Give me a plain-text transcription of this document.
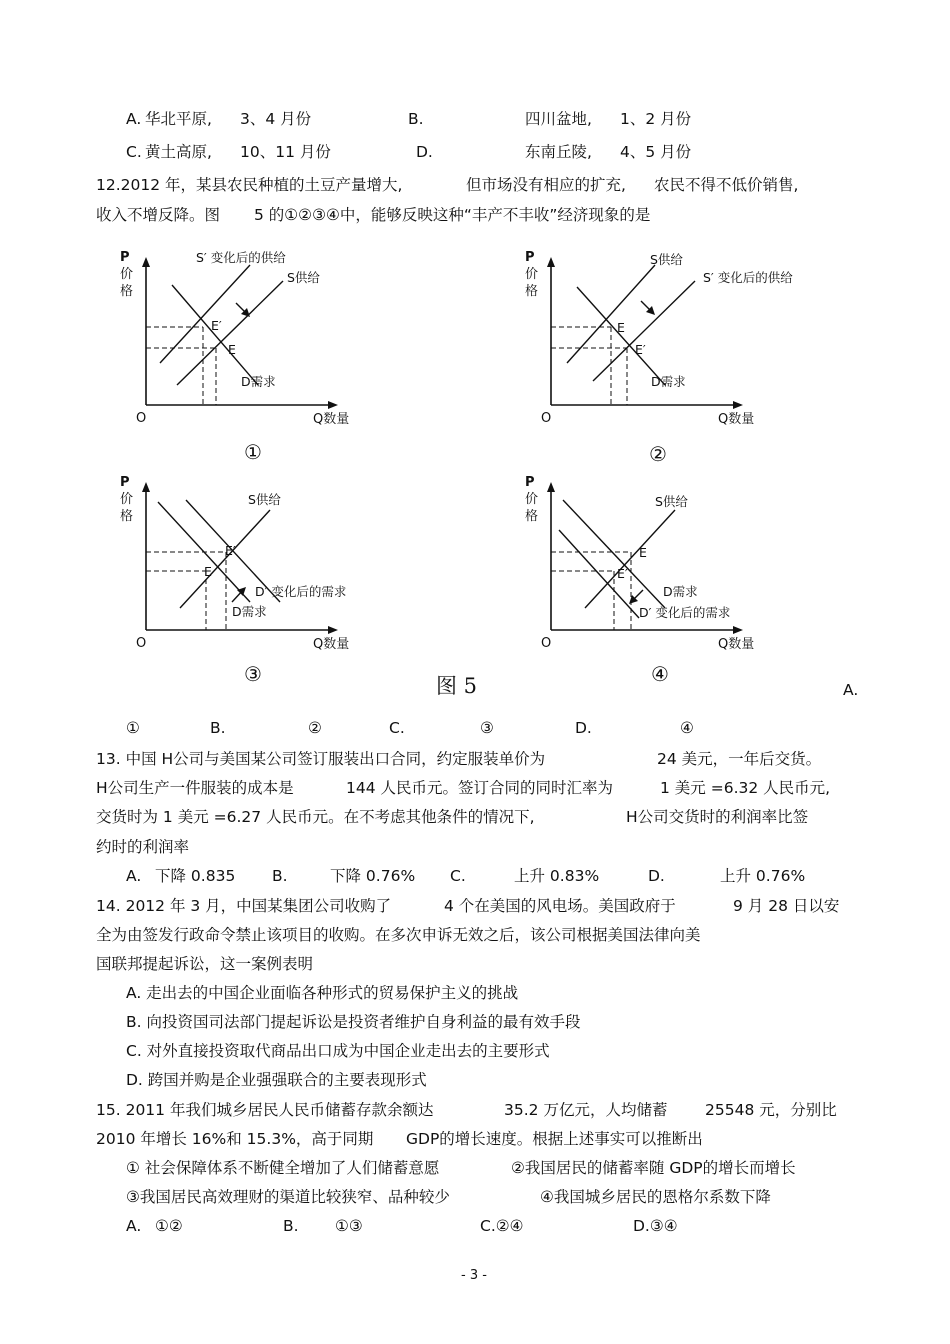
A. 华北平原, 3、4 月份	B.	四川盆地, 1、2 月份
C. 黄土高原, 10、11 月份	D.	东南丘陵, 4、5 月份
12.2012 年，某县农民种植的土豆产量增大,	但市场没有相应的扩充, 农民不得不低价销售,
收入不增反降。图 5 的①②③④中，能够反映这种“丰产不丰收”经济现象的是
P
价
格
O	Q数量
S′ 变化后的供给
S供给
E′
E
D需求
①
P
价
格
O	Q数量
S供给
S′ 变化后的供给
E
E′
D需求
②
P
价
格
O	Q数量
S供给
E′
E
D′ 变化后的需求
D需求
③
P
价
格
O	Q数量
S供给
E
E′
D需求
D′ 变化后的需求
④
图 5	A.
①	B.	②	C.	③	D.	④
13. 中国 H公司与美国某公司签订服装出口合同，约定服装单价为	24 美元，一年后交货。
H公司生产一件服装的成本是	144 人民币元。签订合同的同时汇率为	1 美元 =6.32 人民币元,
交货时为 1 美元 =6.27 人民币元。在不考虑其他条件的情况下,	H公司交货时的利润率比签
约时的利润率
A. 下降 0.835 B.	下降 0.76% C.	上升 0.83%	D.	上升 0.76%
14. 2012 年 3 月，中国某集团公司收购了	4 个在美国的风电场。美国政府于	9 月 28 日以安
全为由签发行政命令禁止该项目的收购。在多次申诉无效之后，该公司根据美国法律向美
国联邦提起诉讼，这一案例表明
A. 走出去的中国企业面临各种形式的贸易保护主义的挑战
B. 向投资国司法部门提起诉讼是投资者维护自身利益的最有效手段
C. 对外直接投资取代商品出口成为中国企业走出去的主要形式
D. 跨国并购是企业强强联合的主要表现形式
15. 2011 年我们城乡居民人民币储蓄存款余额达	35.2 万亿元，人均储蓄 25548 元，分别比
2010 年增长 16%和 15.3%，高于同期 GDP的增长速度。根据上述事实可以推断出
① 社会保障体系不断健全增加了人们储蓄意愿	②我国居民的储蓄率随 GDP的增长而增长
③我国居民高效理财的渠道比较狭窄、品种较少	④我国城乡居民的恩格尔系数下降
A. ①②	B. ①③	C.②④	D.③④
- 3 -
